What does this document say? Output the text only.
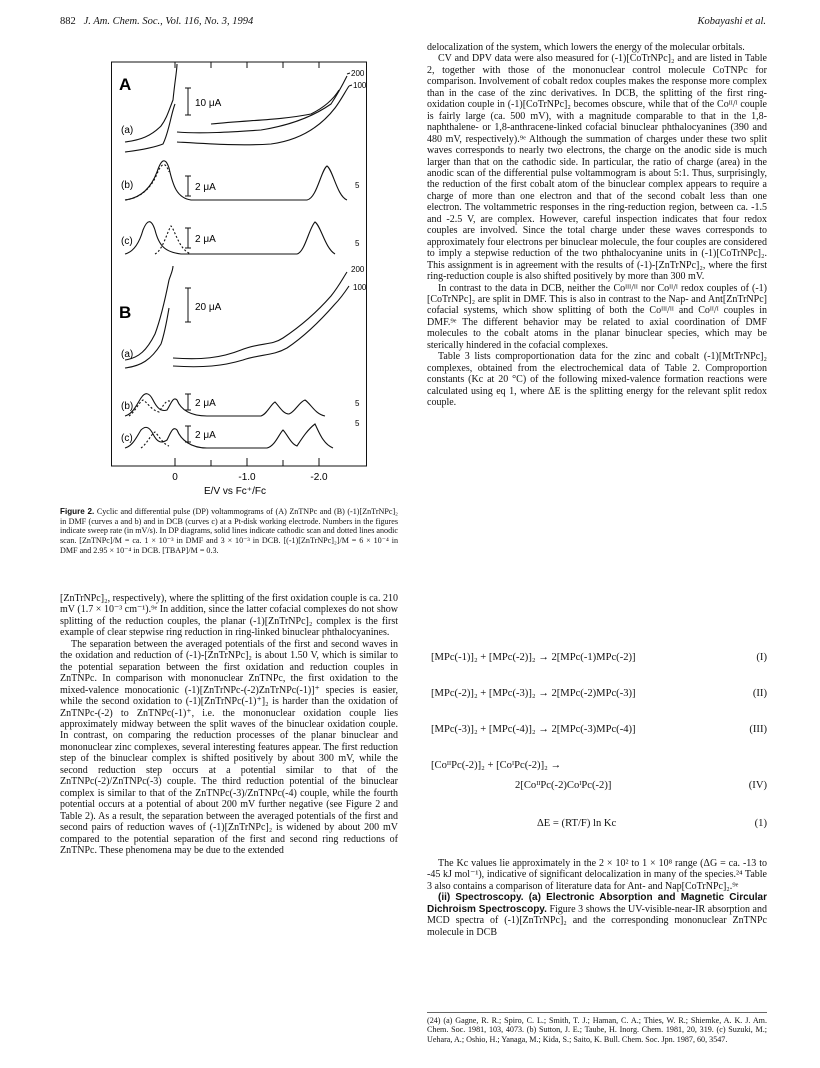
882 J. Am. Chem. Soc., Vol. 116, No. 3, 1994	Kobayashi et al.
A
(a)
(b)
(c)
10 μA
2 μA
2 μA
200
100
5
5
B
(a)
(b)
(c)
20 μA
2 μA
2 μA
200
100
5
5
0	-1.0	-2.0
E/V vs Fc⁺/Fc
Figure 2. Cyclic and differential pulse (DP) voltammograms of (A) ZnTNPc and (B) (-1)[ZnTrNPc]₂ in DMF (curves a and b) and in DCB (curves c) at a Pt-disk working electrode. Numbers in the figures indicate sweep rate (in mV/s). In DP diagrams, solid lines indicate cathodic scan and dotted lines anodic scan. [ZnTNPc]/M = ca. 1 × 10⁻³ in DMF and 3 × 10⁻³ in DCB. [(-1)[ZnTrNPc]₂]/M = 6 × 10⁻⁴ in DMF and 2.95 × 10⁻⁴ in DCB. [TBAP]/M = 0.3.

[ZnTrNPc]₂, respectively), where the splitting of the first oxidation couple is ca. 210 mV (1.7 × 10⁻³ cm⁻¹).⁹ᵉ In addition, since the latter cofacial complexes do not show splitting of the reduction couples, the planar (-1)[ZnTrNPc]₂ complex is the first example of clear stepwise ring reduction in ring-linked binuclear phthalocyanines.

The separation between the averaged potentials of the first and second waves in the oxidation and reduction of (-1)-[ZnTrNPc]₂ is about 1.50 V, which is similar to the potential separation between the first oxidation and reduction couples in ZnTNPc. In comparison with mononuclear ZnTNPc, the first oxidation to the mixed-valence monocationic (-1)[ZnTrNPc-(-2)ZnTrNPc(-1)]⁺ species is easier, while the second oxidation to (-1)[ZnTrNPc(-1)⁺]₂ is harder than the oxidation of ZnTNPc-(-2) to ZnTNPc(-1)⁺, i.e. the mononuclear oxidation couple lies approximately midway between the split waves of the binuclear oxidation couple. In contrast, on comparing the reduction processes of the planar binuclear and mononuclear zinc complexes, several interesting features appear. The first reduction step of the binuclear complex is shifted positively by about 300 mV, while the second reduction step occurs at a potential similar to that of the ZnTNPc(-2)/ZnTNPc(-3) couple. The third reduction potential of the binuclear complex is similar to that of the ZnTNPc(-3)/ZnTNPc(-4) couple, while the fourth potential occurs at a potential of about 200 mV further negative (see Figure 2 and Table 2). As a result, the separation between the averaged potentials of the first and second pairs of reduction waves of (-1)[ZnTrNPc]₂ is widened by about 200 mV compared to the potential separation of the first and second ring reductions of ZnTNPc. These phenomena may be due to the extended

delocalization of the system, which lowers the energy of the molecular orbitals.

CV and DPV data were also measured for (-1)[CoTrNPc]₂ and are listed in Table 2, together with those of the mononuclear control molecule CoTNPc for comparison. Involvement of cobalt redox couples makes the response more complex than in the case of the zinc derivatives. In DCB, the splitting of the first ring-oxidation couple in (-1)[CoTrNPc]₂ becomes obscure, while that of the Coᴵᴵ/ᴵ couple is fairly large (ca. 500 mV), with a magnitude comparable to that in the 1,8-naphthalene- or 1,8-anthracene-linked cofacial binuclear phthalocyanines (390 and 480 mV, respectively).⁹ᵉ Although the summation of charges under these two split waves corresponds to nearly two electrons, the charge on the anodic side is much larger than that on the cathodic side. In particular, the ratio of charge (area) in the anodic scan of the differential pulse voltammogram is about 5:1. Thus, surprisingly, the reduction of the first cobalt atom of the binuclear complex appears to require a charge of more than one electron and that of the second cobalt less than one electron. The voltammetric responses in the ring-reduction region, between ca. -1.5 and -2.5 V, are complex. However, careful inspection indicates that four redox couples are involved. Since the total charge under these waves corresponds to approximately four electrons per binuclear molecule, the four couples are considered to imply a stepwise reduction of the two phthalocyanine units in (-1)[CoTrNPc]₂. This assignment is in agreement with the results of (-1)-[ZnTrNPc]₂, where the first ring-reduction couple is also shifted positively by more than 300 mV.

In contrast to the data in DCB, neither the Coᴵᴵᴵ/ᴵᴵ nor Coᴵᴵ/ᴵ redox couples of (-1)[CoTrNPc]₂ are split in DMF. This is also in contrast to the Nap- and Ant[ZnTrNPc] cofacial systems, which show splitting of both the Coᴵᴵᴵ/ᴵᴵ and Coᴵᴵ/ᴵ couples in DMF.⁹ᵉ The different behavior may be related to axial coordination of DMF molecules to the cobalt atoms in the planar binuclear species, which may be sterically hindered in the cofacial complexes.

Table 3 lists comproportionation data for the zinc and cobalt (-1)[MtTrNPc]₂ complexes, obtained from the electrochemical data of Table 2. Comproportion constants (Kc at 20 °C) of the following mixed-valence formation reactions were calculated using eq 1, where ΔE is the splitting energy for the relevant split redox couple.

[MPc(-1)]₂ + [MPc(-2)]₂ → 2[MPc(-1)MPc(-2)]	(I)
[MPc(-2)]₂ + [MPc(-3)]₂ → 2[MPc(-2)MPc(-3)]	(II)
[MPc(-3)]₂ + [MPc(-4)]₂ → 2[MPc(-3)MPc(-4)]	(III)
[CoᴵᴵPc(-2)]₂ + [CoᴵPc(-2)]₂ →
2[CoᴵᴵPc(-2)CoᴵPc(-2)]	(IV)
ΔE = (RT/F) ln Kc	(1)

The Kc values lie approximately in the 2 × 10² to 1 × 10⁸ range (ΔG = ca. -13 to -45 kJ mol⁻¹), indicative of significant delocalization in many of the species.²⁴ Table 3 also contains a comparison of literature data for Ant- and Nap[CoTrNPc]₂.⁹ᵉ

(ii) Spectroscopy. (a) Electronic Absorption and Magnetic Circular Dichroism Spectroscopy. Figure 3 shows the UV-visible-near-IR absorption and MCD spectra of (-1)[ZnTrNPc]₂ and the corresponding mononuclear ZnTNPc molecule in DCB

(24) (a) Gagne, R. R.; Spiro, C. L.; Smith, T. J.; Haman, C. A.; Thies, W. R.; Shiemke, A. K. J. Am. Chem. Soc. 1981, 103, 4073. (b) Sutton, J. E.; Taube, H. Inorg. Chem. 1981, 20, 319. (c) Suzuki, M.; Uehara, A.; Oshio, H.; Yanaga, M.; Kida, S.; Saito, K. Bull. Chem. Soc. Jpn. 1987, 60, 3547.
